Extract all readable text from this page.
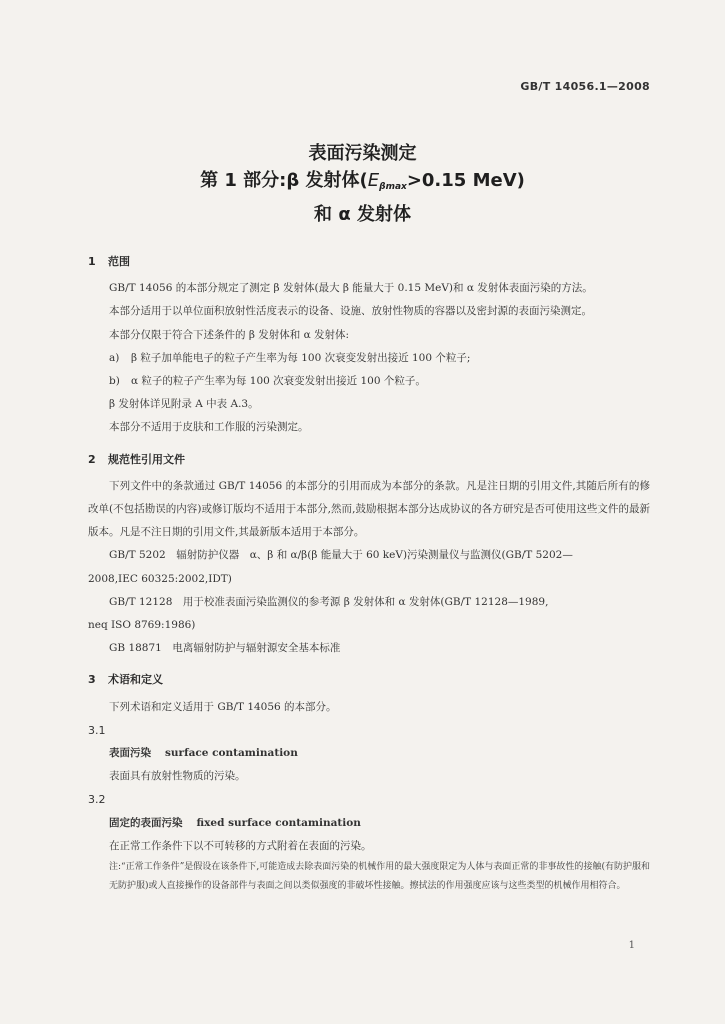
GB/T 14056.1—2008
表面污染测定
第 1 部分:β 发射体($E_{\beta max}>0.15$ MeV)
和 α 发射体
1 范围
GB/T 14056 的本部分规定了测定 β 发射体(最大 β 能量大于 0.15 MeV)和 α 发射体表面污染的方法。
本部分适用于以单位面积放射性活度表示的设备、设施、放射性物质的容器以及密封源的表面污染测定。
本部分仅限于符合下述条件的 β 发射体和 α 发射体:
a) β 粒子加单能电子的粒子产生率为每 100 次衰变发射出接近 100 个粒子;
b) α 粒子的粒子产生率为每 100 次衰变发射出接近 100 个粒子。
β 发射体详见附录 A 中表 A.3。
本部分不适用于皮肤和工作服的污染测定。
2 规范性引用文件
下列文件中的条款通过 GB/T 14056 的本部分的引用而成为本部分的条款。凡是注日期的引用文件,其随后所有的修改单(不包括勘误的内容)或修订版均不适用于本部分,然而,鼓励根据本部分达成协议的各方研究是否可使用这些文件的最新版本。凡是不注日期的引用文件,其最新版本适用于本部分。
GB/T 5202　辐射防护仪器　α、β 和 α/β(β 能量大于 60 keV)污染测量仪与监测仪(GB/T 5202—
2008,IEC 60325:2002,IDT)
GB/T 12128　用于校准表面污染监测仪的参考源 β 发射体和 α 发射体(GB/T 12128—1989,
neq ISO 8769:1986)
GB 18871　电离辐射防护与辐射源安全基本标准
3 术语和定义
下列术语和定义适用于 GB/T 14056 的本部分。
3.1
表面污染 surface contamination
表面具有放射性物质的污染。
3.2
固定的表面污染 fixed surface contamination
在正常工作条件下以不可转移的方式附着在表面的污染。
注:“正常工作条件”是假设在该条件下,可能造成去除表面污染的机械作用的最大强度限定为人体与表面正常的非事故性的接触(有防护服和无防护服)或人直接操作的设备部件与表面之间以类似强度的非破坏性接触。擦拭法的作用强度应该与这些类型的机械作用相符合。
1
